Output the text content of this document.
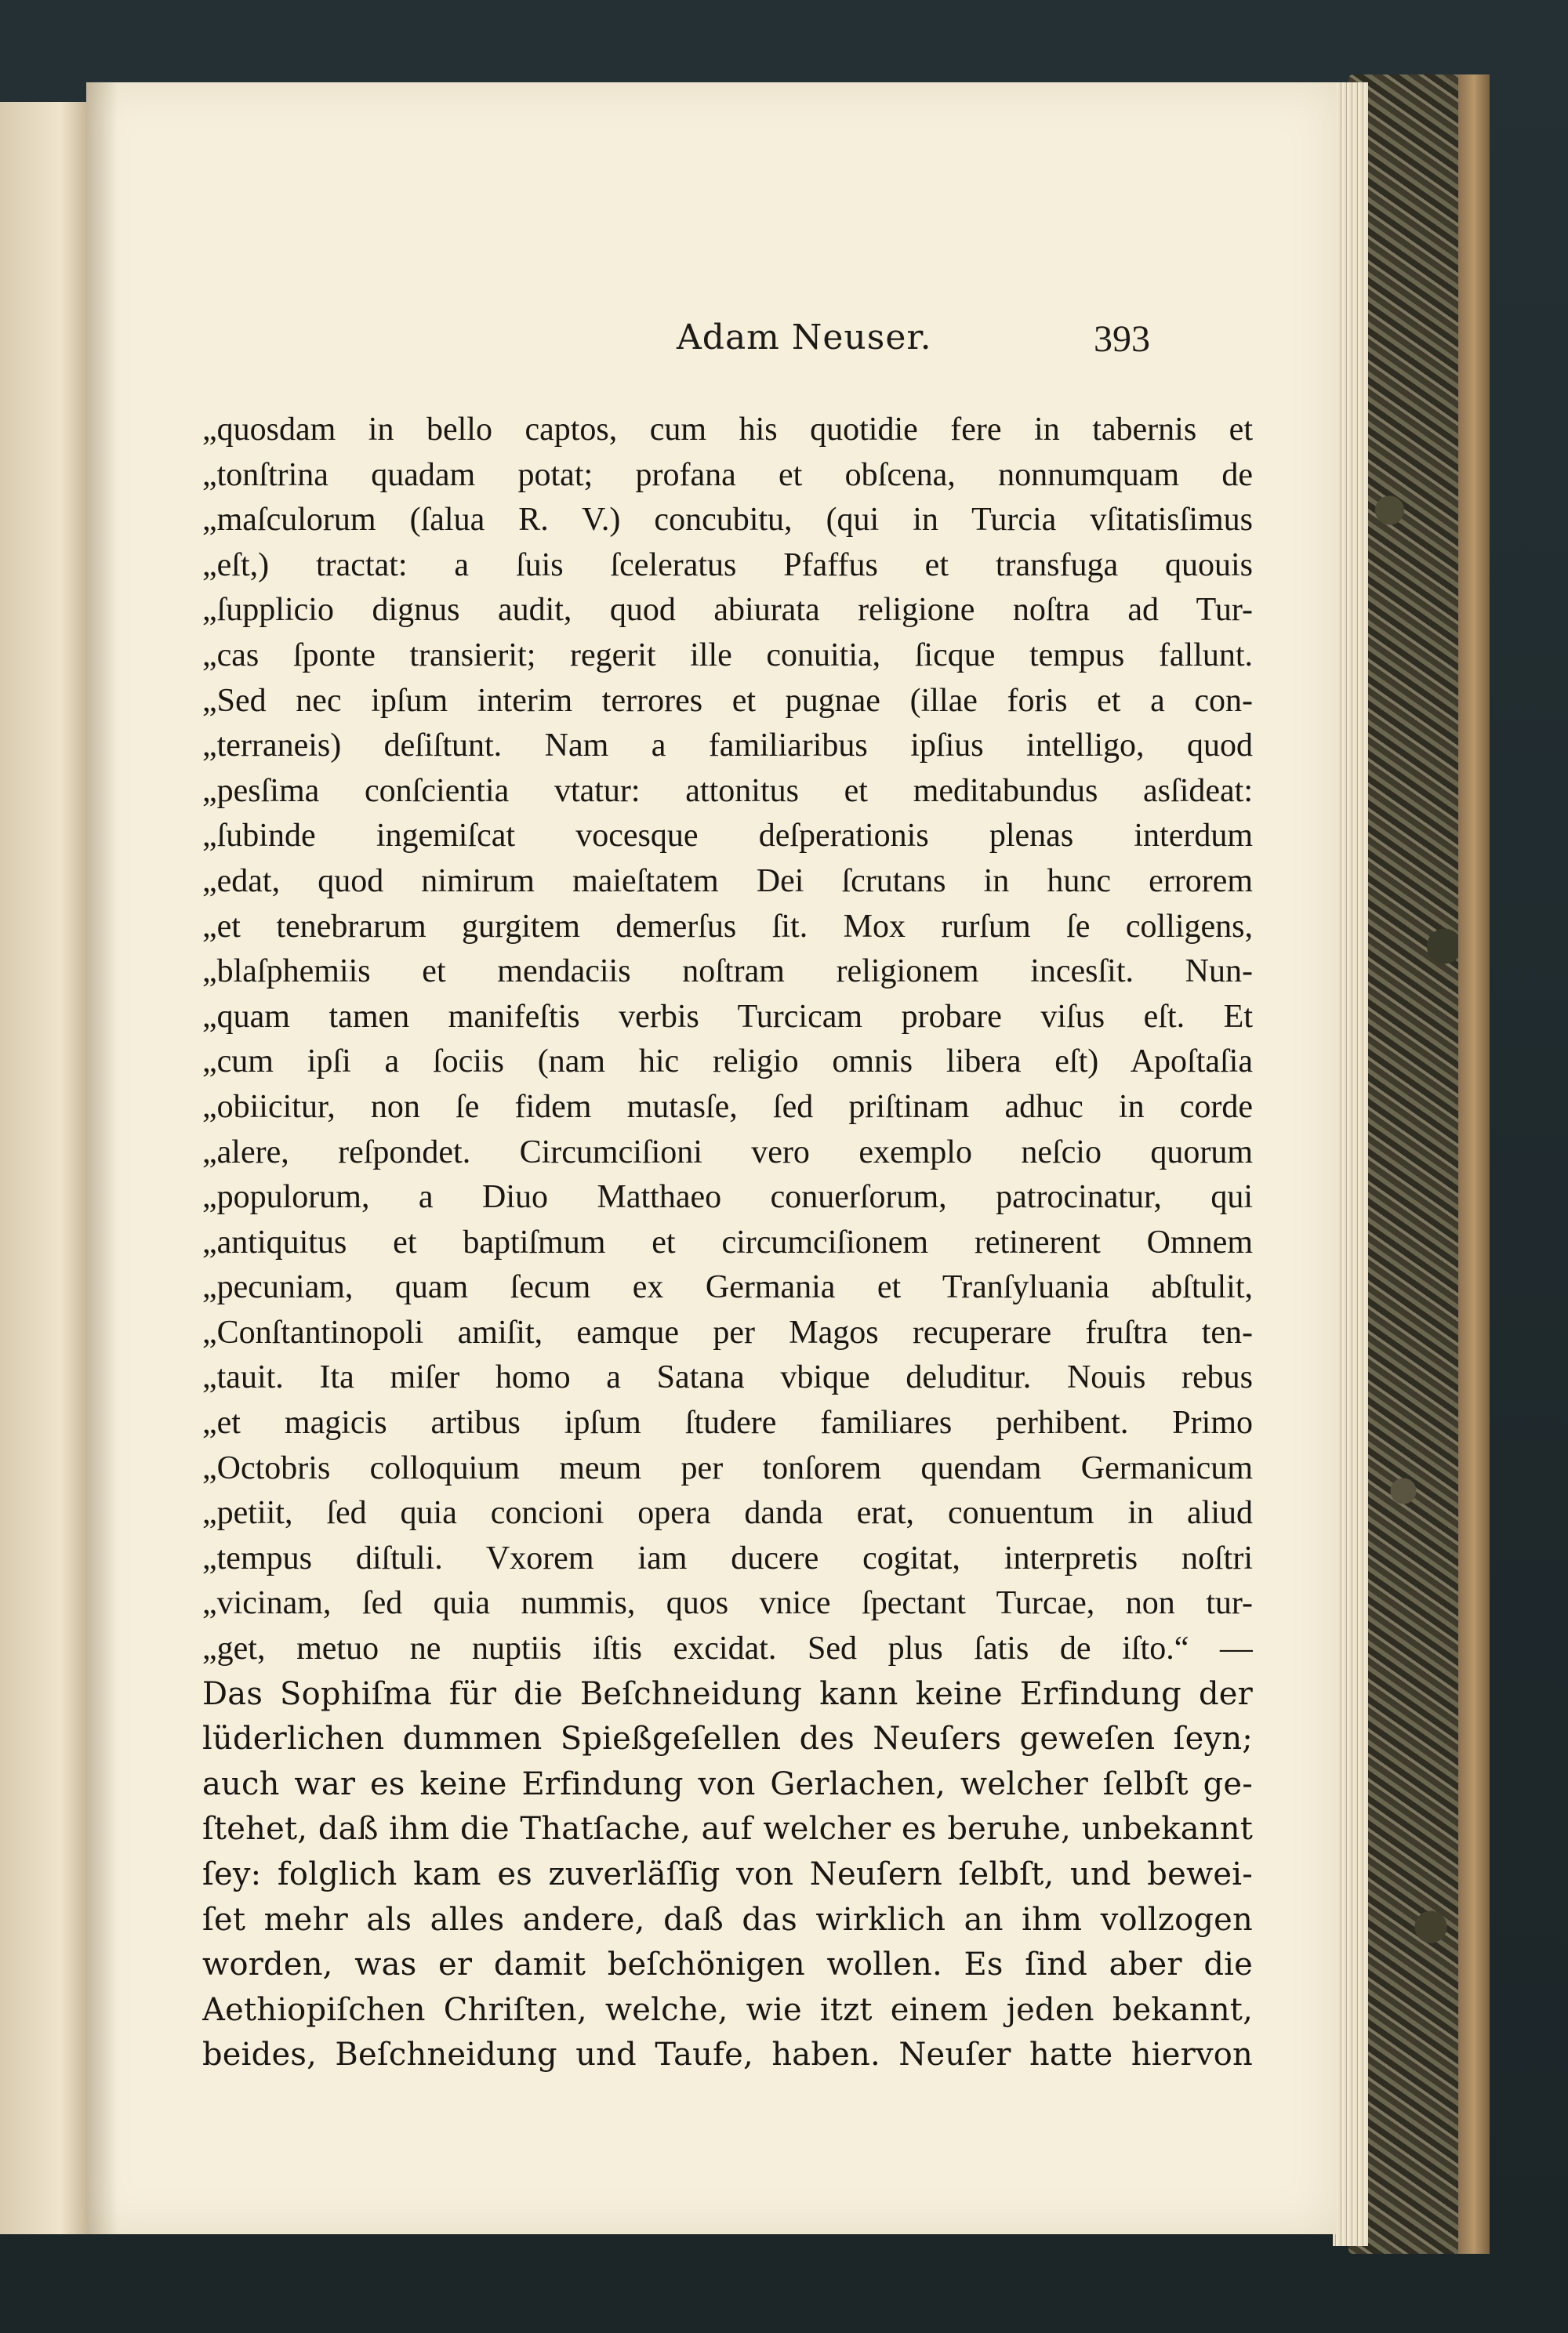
Adam Neuser.	393
„quosdam in bello captos, cum his quotidie fere in tabernis et
„tonſtrina quadam potat; profana et obſcena, nonnumquam de
„maſculorum (ſalua R. V.) concubitu, (qui in Turcia vſitatisſimus
„eſt,) tractat: a ſuis ſceleratus Pfaffus et transfuga quouis
„ſupplicio dignus audit, quod abiurata religione noſtra ad Tur-
„cas ſponte transierit; regerit ille conuitia, ſicque tempus fallunt.
„Sed nec ipſum interim terrores et pugnae (illae foris et a con-
„terraneis) deſiſtunt. Nam a familiaribus ipſius intelligo, quod
„pesſima conſcientia vtatur: attonitus et meditabundus asſideat:
„ſubinde ingemiſcat vocesque deſperationis plenas interdum
„edat, quod nimirum maieſtatem Dei ſcrutans in hunc errorem
„et tenebrarum gurgitem demerſus ſit. Mox rurſum ſe colligens,
„blaſphemiis et mendaciis noſtram religionem incesſit. Nun-
„quam tamen manifeſtis verbis Turcicam probare viſus eſt. Et
„cum ipſi a ſociis (nam hic religio omnis libera eſt) Apoſtaſia
„obiicitur, non ſe fidem mutasſe, ſed priſtinam adhuc in corde
„alere, reſpondet. Circumciſioni vero exemplo neſcio quorum
„populorum, a Diuo Matthaeo conuerſorum, patrocinatur, qui
„antiquitus et baptiſmum et circumciſionem retinerent Omnem
„pecuniam, quam ſecum ex Germania et Tranſyluania abſtulit,
„Conſtantinopoli amiſit, eamque per Magos recuperare fruſtra ten-
„tauit. Ita miſer homo a Satana vbique deluditur. Nouis rebus
„et magicis artibus ipſum ſtudere familiares perhibent. Primo
„Octobris colloquium meum per tonſorem quendam Germanicum
„petiit, ſed quia concioni opera danda erat, conuentum in aliud
„tempus diſtuli. Vxorem iam ducere cogitat, interpretis noſtri
„vicinam, ſed quia nummis, quos vnice ſpectant Turcae, non tur-
„get, metuo ne nuptiis iſtis excidat. Sed plus ſatis de iſto.“ —
Das Sophiſma für die Beſchneidung kann keine Erfindung der
lüderlichen dummen Spießgeſellen des Neuſers geweſen ſeyn;
auch war es keine Erfindung von Gerlachen, welcher ſelbſt ge-
ſtehet, daß ihm die Thatſache, auf welcher es beruhe, unbekannt
ſey: folglich kam es zuverläſſig von Neuſern ſelbſt, und bewei-
ſet mehr als alles andere, daß das wirklich an ihm vollzogen
worden, was er damit beſchönigen wollen. Es ſind aber die
Aethiopiſchen Chriſten, welche, wie itzt einem jeden bekannt,
beides, Beſchneidung und Taufe, haben. Neuſer hatte hiervon
